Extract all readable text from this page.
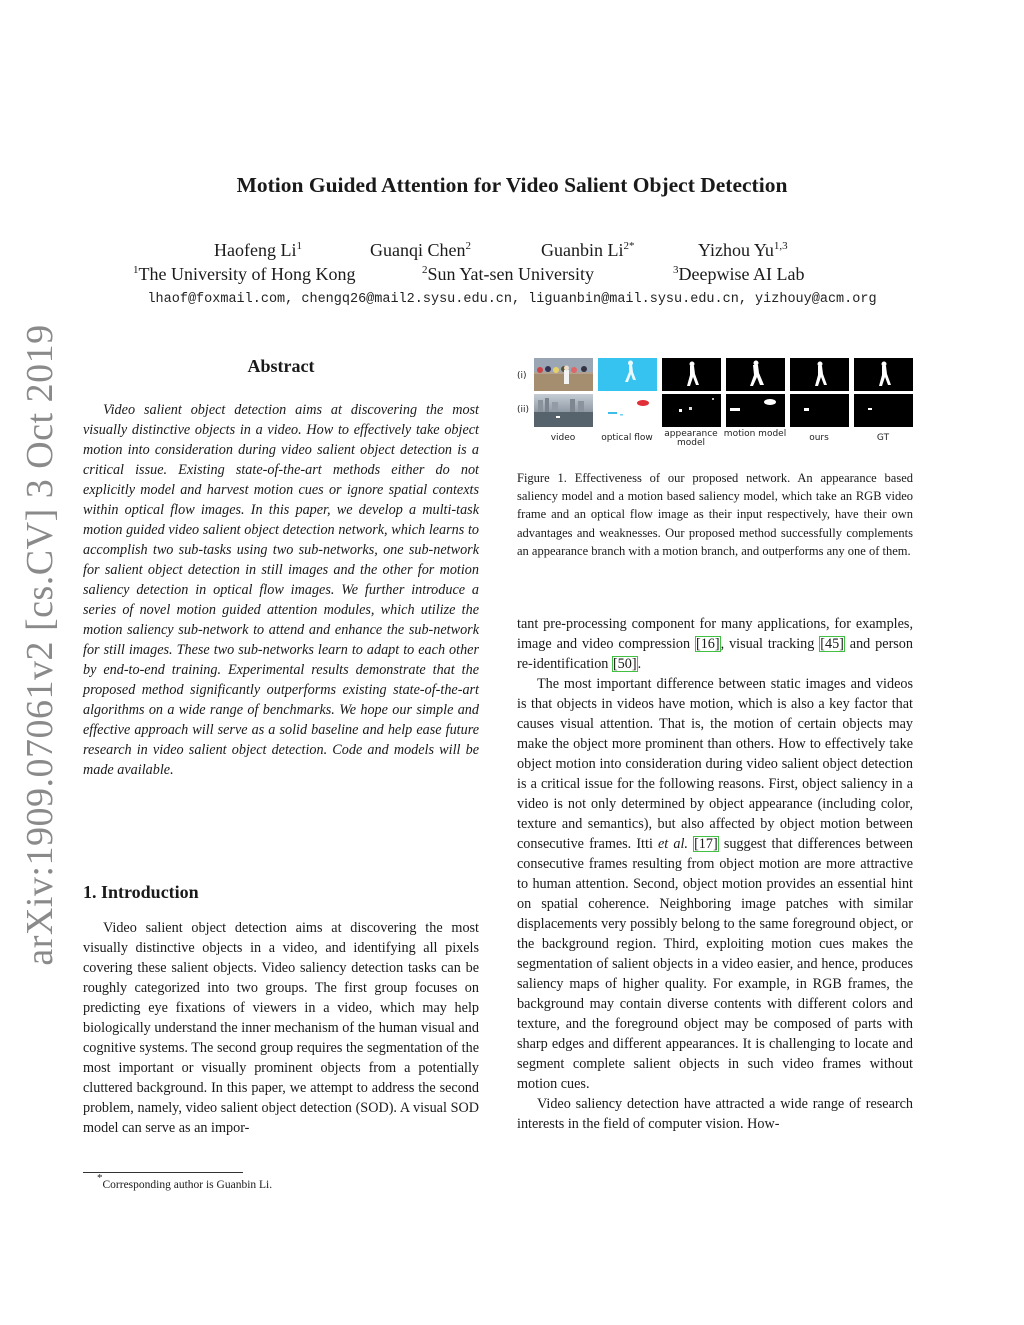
arXiv:1909.07061v2 [cs.CV] 3 Oct 2019
Motion Guided Attention for Video Salient Object Detection
Haofeng Li$^1$	Guanqi Chen$^2$	Guanbin $Li^{2*}$	Yizhou Yu$^{1,3}$
$^1$The University of Hong Kong	$^2$Sun Yat-sen University	$^3$Deepwise AI Lab
lhaof@foxmail.com, chengq26@mail2.sysu.edu.cn, liguanbin@mail.sysu.edu.cn, yizhouy@acm.org
Abstract
Video salient object detection aims at discovering the most visually distinctive objects in a video. How to effectively take object motion into consideration during video salient object detection is a critical issue. Existing state-of-the-art methods either do not explicitly model and harvest motion cues or ignore spatial contexts within optical flow images. In this paper, we develop a multi-task motion guided video salient object detection network, which learns to accomplish two sub-tasks using two sub-networks, one sub-network for salient object detection in still images and the other for motion saliency detection in optical flow images. We further introduce a series of novel motion guided attention modules, which utilize the motion saliency sub-network to attend and enhance the sub-network for still images. These two sub-networks learn to adapt to each other by end-to-end training. Experimental results demonstrate that the proposed method significantly outperforms existing state-of-the-art algorithms on a wide range of benchmarks. We hope our simple and effective approach will serve as a solid baseline and help ease future research in video salient object detection. Code and models will be made available.
1. Introduction
Video salient object detection aims at discovering the most visually distinctive objects in a video, and identifying all pixels covering these salient objects. Video saliency detection tasks can be roughly categorized into two groups. The first group focuses on predicting eye fixations of viewers in a video, which may help biologically understand the inner mechanism of the human visual and cognitive systems. The second group requires the segmentation of the most important or visually prominent objects from a potentially cluttered background. In this paper, we attempt to address the second problem, namely, video salient object detection (SOD). A visual SOD model can serve as an impor-
*Corresponding author is Guanbin Li.
(i)
(ii)
video	optical flow	appearance model
motion model	ours	GT
Figure 1. Effectiveness of our proposed network. An appearance based saliency model and a motion based saliency model, which take an RGB video frame and an optical flow image as their input respectively, have their own advantages and weaknesses. Our proposed method successfully complements an appearance branch with a motion branch, and outperforms any one of them.

tant pre-processing component for many applications, for examples, image and video compression [16], visual tracking [45] and person re-identification [50].

The most important difference between static images and videos is that objects in videos have motion, which is also a key factor that causes visual attention. That is, the motion of certain objects may make the object more prominent than others. How to effectively take object motion into consideration during video salient object detection is a critical issue for the following reasons. First, object saliency in a video is not only determined by object appearance (including color, texture and semantics), but also affected by object motion between consecutive frames. Itti et al. [17] suggest that differences between consecutive frames resulting from object motion are more attractive to human attention. Second, object motion provides an essential hint on spatial coherence. Neighboring image patches with similar displacements very possibly belong to the same foreground object, or the background region. Third, exploiting motion cues makes the segmentation of salient objects in a video easier, and hence, produces saliency maps of higher quality. For example, in RGB frames, the background may contain diverse contents with different colors and texture, and the foreground object may be composed of parts with sharp edges and different appearances. It is challenging to locate and segment complete salient objects in such video frames without motion cues.

Video saliency detection have attracted a wide range of research interests in the field of computer vision. How-
